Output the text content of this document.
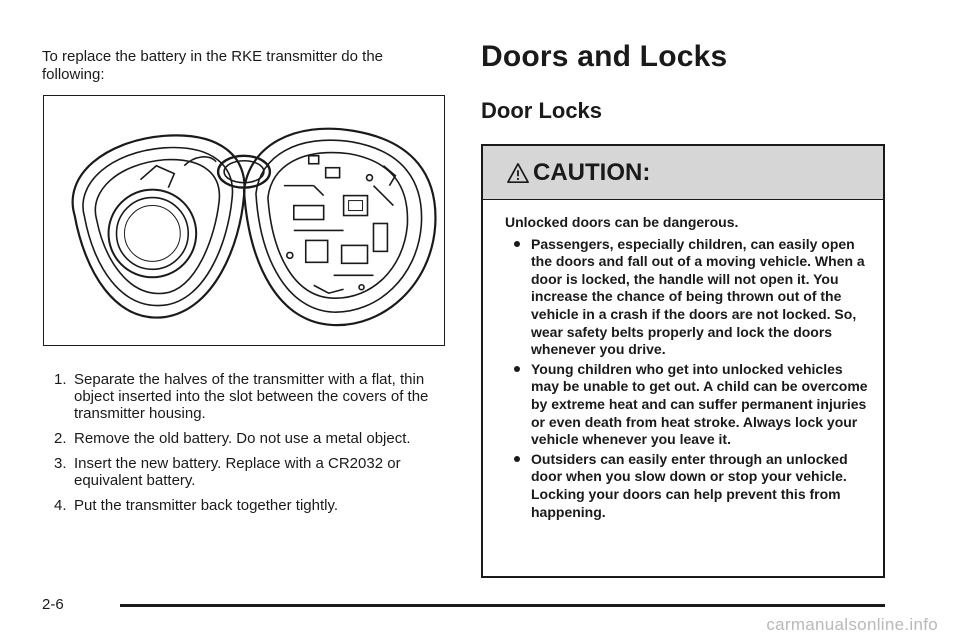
To replace the battery in the RKE transmitter do the following:

1. Separate the halves of the transmitter with a flat, thin object inserted into the slot between the covers of the transmitter housing.
2. Remove the old battery. Do not use a metal object.
3. Insert the new battery. Replace with a CR2032 or equivalent battery.
4. Put the transmitter back together tightly.
Doors and Locks
Door Locks
CAUTION:

Unlocked doors can be dangerous.

Passengers, especially children, can easily open the doors and fall out of a moving vehicle. When a door is locked, the handle will not open it. You increase the chance of being thrown out of the vehicle in a crash if the doors are not locked. So, wear safety belts properly and lock the doors whenever you drive.
Young children who get into unlocked vehicles may be unable to get out. A child can be overcome by extreme heat and can suffer permanent injuries or even death from heat stroke. Always lock your vehicle whenever you leave it.
Outsiders can easily enter through an unlocked door when you slow down or stop your vehicle. Locking your doors can help prevent this from happening.
2-6
carmanualsonline.info
